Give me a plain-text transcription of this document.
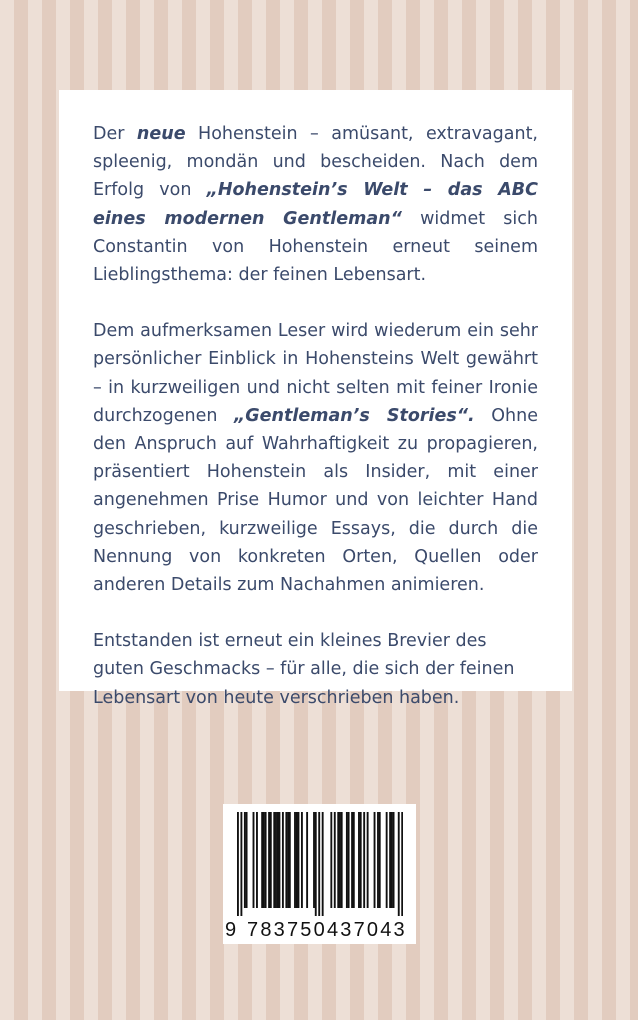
Der neue Hohenstein – amüsant, extravagant, spleenig, mondän und bescheiden. Nach dem Erfolg von „Hohenstein’s Welt – das ABC eines modernen Gentleman“ widmet sich Constantin von Hohenstein erneut seinem Lieblingsthema: der feinen Lebensart.

Dem aufmerksamen Leser wird wiederum ein sehr persönlicher Einblick in Hohensteins Welt gewährt – in kurzweiligen und nicht selten mit feiner Ironie durchzogenen „Gentleman’s Stories“. Ohne den Anspruch auf Wahrhaftigkeit zu propagieren, präsentiert Hohenstein als Insider, mit einer angenehmen Prise Humor und von leichter Hand geschrieben, kurzweilige Essays, die durch die Nennung von konkreten Orten, Quellen oder anderen Details zum Nachahmen animieren.

Entstanden ist erneut ein kleines Brevier des guten Geschmacks – für alle, die sich der feinen Lebensart von heute verschrieben haben.

9 783750437043
